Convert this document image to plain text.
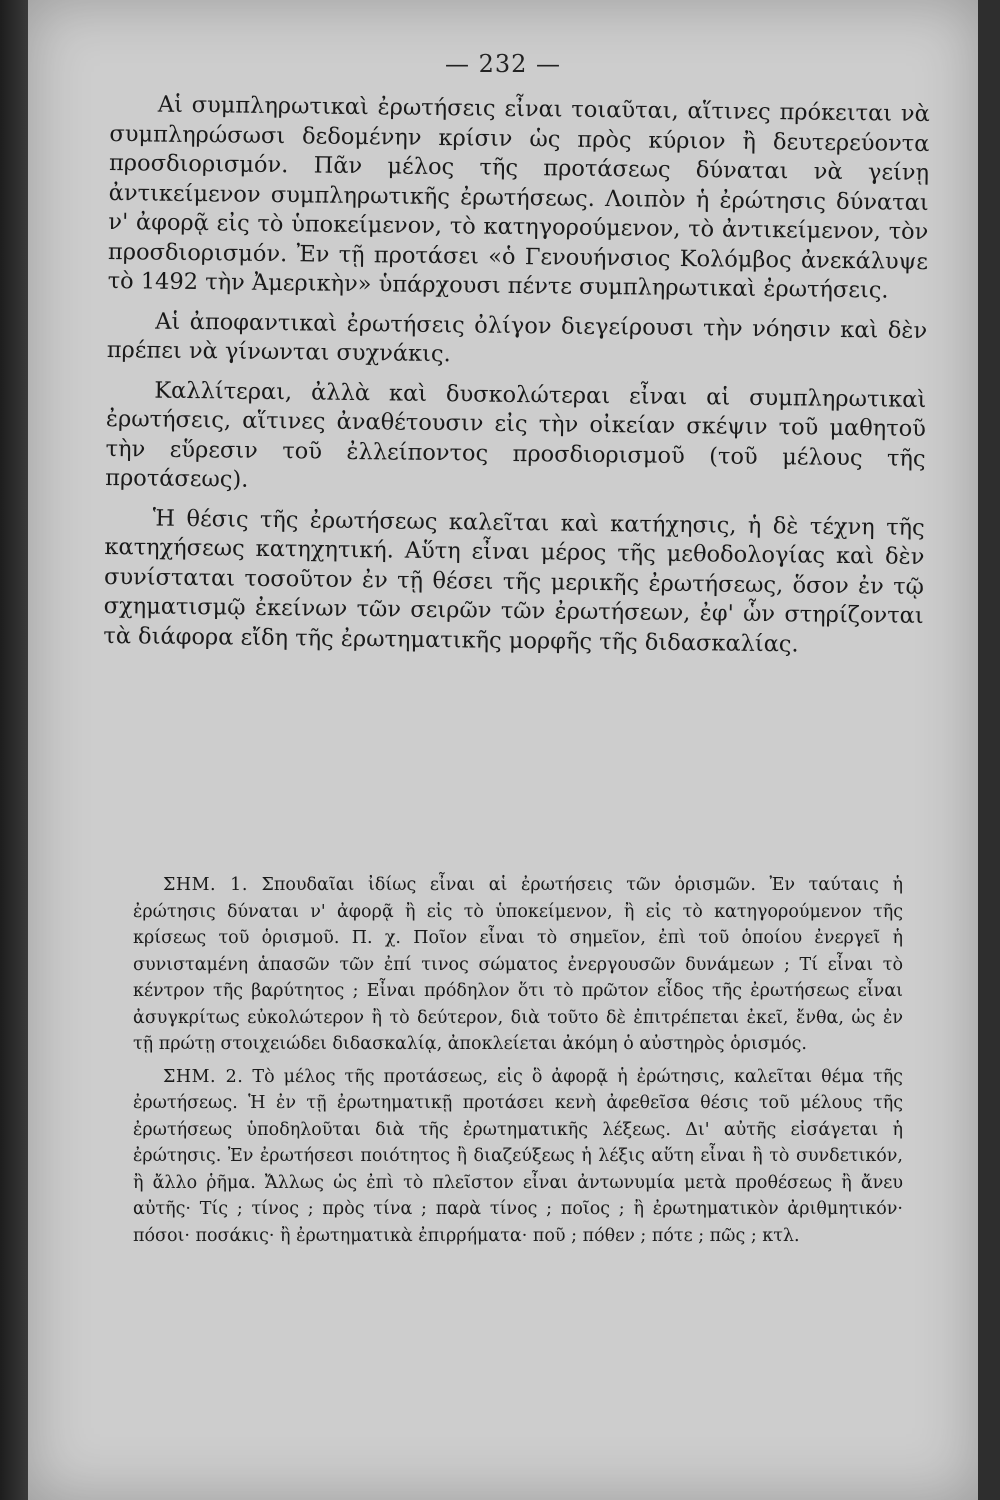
— 232 —

Αἱ συμπληρωτικαὶ ἐρωτήσεις εἶναι τοιαῦται, αἵτινες πρόκειται νὰ συμπληρώσωσι δεδομένην κρίσιν ὡς πρὸς κύριον ἢ δευτερεύοντα προσδιορισμόν. Πᾶν μέλος τῆς προτάσεως δύναται νὰ γείνῃ ἀντικείμενον συμπληρωτικῆς ἐρωτήσεως. Λοιπὸν ἡ ἐρώτησις δύναται ν' ἀφορᾷ εἰς τὸ ὑποκείμενον, τὸ κατηγορούμενον, τὸ ἀντικείμενον, τὸν προσδιορισμόν. Ἐν τῇ προτάσει «ὁ Γενουήνσιος Κολόμβος ἀνεκάλυψε τὸ 1492 τὴν Ἀμερικὴν» ὑπάρχουσι πέντε συμπληρωτικαὶ ἐρωτήσεις.

Αἱ ἀποφαντικαὶ ἐρωτήσεις ὀλίγον διεγείρουσι τὴν νόησιν καὶ δὲν πρέπει νὰ γίνωνται συχνάκις.

Καλλίτεραι, ἀλλὰ καὶ δυσκολώτεραι εἶναι αἱ συμπληρωτικαὶ ἐρωτήσεις, αἵτινες ἀναθέτουσιν εἰς τὴν οἰκείαν σκέψιν τοῦ μαθητοῦ τὴν εὕρεσιν τοῦ ἐλλείποντος προσδιορισμοῦ (τοῦ μέλους τῆς προτάσεως).

Ἡ θέσις τῆς ἐρωτήσεως καλεῖται καὶ κατήχησις, ἡ δὲ τέχνη τῆς κατηχήσεως κατηχητική. Αὕτη εἶναι μέρος τῆς μεθοδολογίας καὶ δὲν συνίσταται τοσοῦτον ἐν τῇ θέσει τῆς μερικῆς ἐρωτήσεως, ὅσον ἐν τῷ σχηματισμῷ ἐκείνων τῶν σειρῶν τῶν ἐρωτήσεων, ἐφ' ὧν στηρίζονται τὰ διάφορα εἴδη τῆς ἐρωτηματικῆς μορφῆς τῆς διδασκαλίας.

ΣΗΜ. 1. Σπουδαῖαι ἰδίως εἶναι αἱ ἐρωτήσεις τῶν ὁρισμῶν. Ἐν ταύταις ἡ ἐρώτησις δύναται ν' ἀφορᾷ ἢ εἰς τὸ ὑποκείμενον, ἢ εἰς τὸ κατηγορούμενον τῆς κρίσεως τοῦ ὁρισμοῦ. Π. χ. Ποῖον εἶναι τὸ σημεῖον, ἐπὶ τοῦ ὁποίου ἐνεργεῖ ἡ συνισταμένη ἁπασῶν τῶν ἐπί τινος σώματος ἐνεργουσῶν δυνάμεων ; Τί εἶναι τὸ κέντρον τῆς βαρύτητος ; Εἶναι πρόδηλον ὅτι τὸ πρῶτον εἶδος τῆς ἐρωτήσεως εἶναι ἀσυγκρίτως εὐκολώτερον ἢ τὸ δεύτερον, διὰ τοῦτο δὲ ἐπιτρέπεται ἐκεῖ, ἔνθα, ὡς ἐν τῇ πρώτῃ στοιχειώδει διδασκαλίᾳ, ἀποκλείεται ἀκόμη ὁ αὐστηρὸς ὁρισμός.

ΣΗΜ. 2. Τὸ μέλος τῆς προτάσεως, εἰς ὃ ἀφορᾷ ἡ ἐρώτησις, καλεῖται θέμα τῆς ἐρωτήσεως. Ἡ ἐν τῇ ἐρωτηματικῇ προτάσει κενὴ ἀφεθεῖσα θέσις τοῦ μέλους τῆς ἐρωτήσεως ὑποδηλοῦται διὰ τῆς ἐρωτηματικῆς λέξεως. Δι' αὐτῆς εἰσάγεται ἡ ἐρώτησις. Ἐν ἐρωτήσεσι ποιότητος ἢ διαζεύξεως ἡ λέξις αὕτη εἶναι ἢ τὸ συνδετικόν, ἢ ἄλλο ῥῆμα. Ἄλλως ὡς ἐπὶ τὸ πλεῖστον εἶναι ἀντωνυμία μετὰ προθέσεως ἢ ἄνευ αὐτῆς· Τίς ; τίνος ; πρὸς τίνα ; παρὰ τίνος ; ποῖος ; ἢ ἐρωτηματικὸν ἀριθμητικόν· πόσοι· ποσάκις· ἢ ἐρωτηματικὰ ἐπιρρήματα· ποῦ ; πόθεν ; πότε ; πῶς ; κτλ.
